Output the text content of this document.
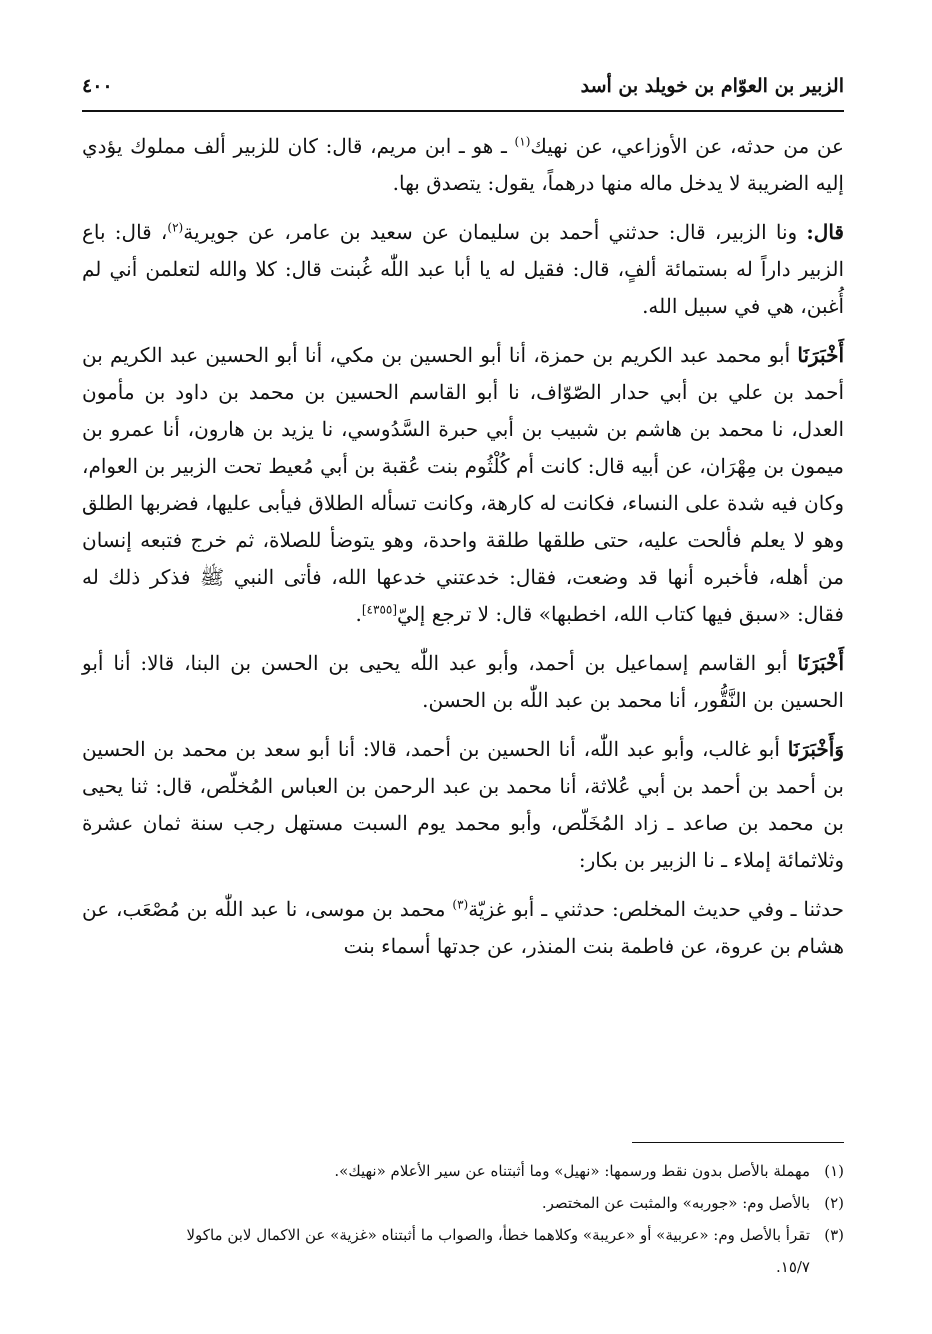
الزبير بن العوّام بن خويلد بن أسد
٤٠٠

عن من حدثه، عن الأوزاعي، عن نهيك$^{(١)}$ ـ هو ـ ابن مريم، قال: كان للزبير ألف مملوك يؤدي إليه الضريبة لا يدخل ماله منها درهماً، يقول: يتصدق بها.

قال: ونا الزبير، قال: حدثني أحمد بن سليمان عن سعيد بن عامر، عن جويرية$^{(٢)}$، قال: باع الزبير داراً له بستمائة ألفٍ، قال: فقيل له يا أبا عبد اللّٰه غُبنت قال: كلا والله لتعلمن أني لم أُغبن، هي في سبيل الله.

أَخْبَرَنَا أبو محمد عبد الكريم بن حمزة، أنا أبو الحسين بن مكي، أنا أبو الحسين عبد الكريم بن أحمد بن علي بن أبي حدار الصّوّاف، نا أبو القاسم الحسين بن محمد بن داود بن مأمون العدل، نا محمد بن هاشم بن شبيب بن أبي حبرة السَّدُوسي، نا يزيد بن هارون، أنا عمرو بن ميمون بن مِهْرَان، عن أبيه قال: كانت أم كُلْثُوم بنت عُقبة بن أبي مُعيط تحت الزبير بن العوام، وكان فيه شدة على النساء، فكانت له كارهة، وكانت تسأله الطلاق فيأبى عليها، فضربها الطلق وهو لا يعلم فألحت عليه، حتى طلقها طلقة واحدة، وهو يتوضأ للصلاة، ثم خرج فتبعه إنسان من أهله، فأخبره أنها قد وضعت، فقال: خدعتني خدعها الله، فأتى النبي ﷺ فذكر ذلك له فقال: «سبق فيها كتاب الله، اخطبها» قال: لا ترجع إليّ[٤٣٥٥].

أَخْبَرَنَا أبو القاسم إسماعيل بن أحمد، وأبو عبد اللّٰه يحيى بن الحسن بن البنا، قالا: أنا أبو الحسين بن النَّقُّور، أنا محمد بن عبد اللّٰه بن الحسن.

وَأَخْبَرَنَا أبو غالب، وأبو عبد اللّٰه، أنا الحسين بن أحمد، قالا: أنا أبو سعد بن محمد بن الحسين بن أحمد بن أحمد بن أبي عُلاثة، أنا محمد بن عبد الرحمن بن العباس المُخلّص، قال: ثنا يحيى بن محمد بن صاعد ـ زاد المُخَلّص، وأبو محمد يوم السبت مستهل رجب سنة ثمان عشرة وثلاثمائة إملاء ـ نا الزبير بن بكار:

حدثنا ـ وفي حديث المخلص: حدثني ـ أبو غزيّة$^{(٣)}$ محمد بن موسى، نا عبد اللّٰه بن مُصْعَب، عن هشام بن عروة، عن فاطمة بنت المنذر، عن جدتها أسماء بنت

(١)
مهملة بالأصل بدون نقط ورسمها: «نهيل» وما أثبتناه عن سير الأعلام «نهيك».

(٢)
بالأصل وم: «جوربه» والمثبت عن المختصر.

(٣)
تقرأ بالأصل وم: «عربية» أو «عريبة» وكلاهما خطأ، والصواب ما أثبتناه «غزية» عن الاكمال لابن ماكولا

١٥/٧.
